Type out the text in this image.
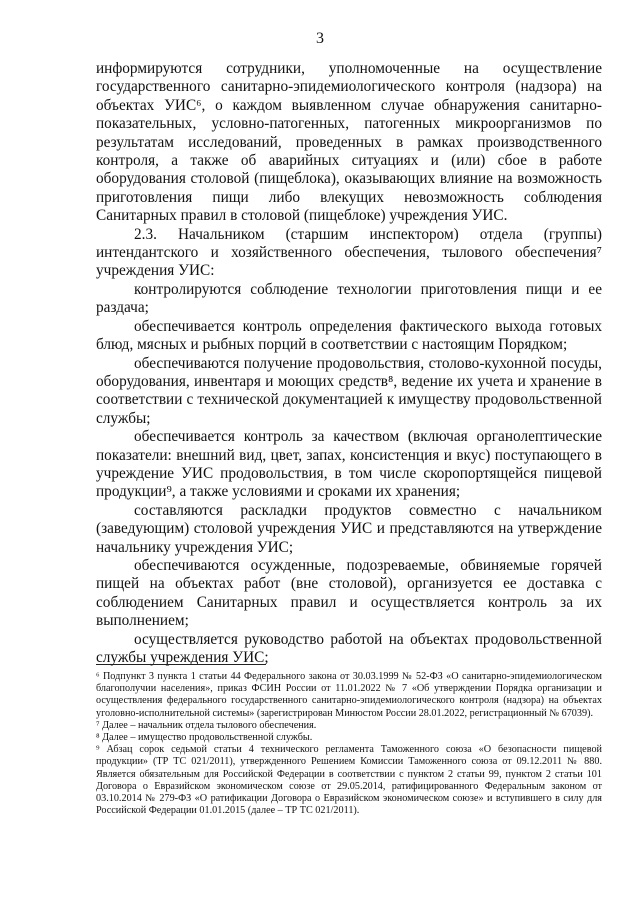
3

информируются сотрудники, уполномоченные на осуществление государственного санитарно-эпидемиологического контроля (надзора) на объектах УИС⁶, о каждом выявленном случае обнаружения санитарно-показательных, условно-патогенных, патогенных микроорганизмов по результатам исследований, проведенных в рамках производственного контроля, а также об аварийных ситуациях и (или) сбое в работе оборудования столовой (пищеблока), оказывающих влияние на возможность приготовления пищи либо влекущих невозможность соблюдения Санитарных правил в столовой (пищеблоке) учреждения УИС.

2.3. Начальником (старшим инспектором) отдела (группы) интендантского и хозяйственного обеспечения, тылового обеспечения⁷ учреждения УИС:

контролируются соблюдение технологии приготовления пищи и ее раздача;

обеспечивается контроль определения фактического выхода готовых блюд, мясных и рыбных порций в соответствии с настоящим Порядком;

обеспечиваются получение продовольствия, столово-кухонной посуды, оборудования, инвентаря и моющих средств⁸, ведение их учета и хранение в соответствии с технической документацией к имуществу продовольственной службы;

обеспечивается контроль за качеством (включая органолептические показатели: внешний вид, цвет, запах, консистенция и вкус) поступающего в учреждение УИС продовольствия, в том числе скоропортящейся пищевой продукции⁹, а также условиями и сроками их хранения;

составляются раскладки продуктов совместно с начальником (заведующим) столовой учреждения УИС и представляются на утверждение начальнику учреждения УИС;

обеспечиваются осужденные, подозреваемые, обвиняемые горячей пищей на объектах работ (вне столовой), организуется ее доставка с соблюдением Санитарных правил и осуществляется контроль за их выполнением;

осуществляется руководство работой на объектах продовольственной службы учреждения УИС;

⁶ Подпункт 3 пункта 1 статьи 44 Федерального закона от 30.03.1999 № 52-ФЗ «О санитарно-эпидемиологическом благополучии населения», приказ ФСИН России от 11.01.2022 № 7 «Об утверждении Порядка организации и осуществления федерального государственного санитарно-эпидемиологического контроля (надзора) на объектах уголовно-исполнительной системы» (зарегистрирован Минюстом России 28.01.2022, регистрационный № 67039).

⁷ Далее – начальник отдела тылового обеспечения.

⁸ Далее – имущество продовольственной службы.

⁹ Абзац сорок седьмой статьи 4 технического регламента Таможенного союза «О безопасности пищевой продукции» (ТР ТС 021/2011), утвержденного Решением Комиссии Таможенного союза от 09.12.2011 № 880. Является обязательным для Российской Федерации в соответствии с пунктом 2 статьи 99, пунктом 2 статьи 101 Договора о Евразийском экономическом союзе от 29.05.2014, ратифицированного Федеральным законом от 03.10.2014 № 279-ФЗ «О ратификации Договора о Евразийском экономическом союзе» и вступившего в силу для Российской Федерации 01.01.2015 (далее – ТР ТС 021/2011).
